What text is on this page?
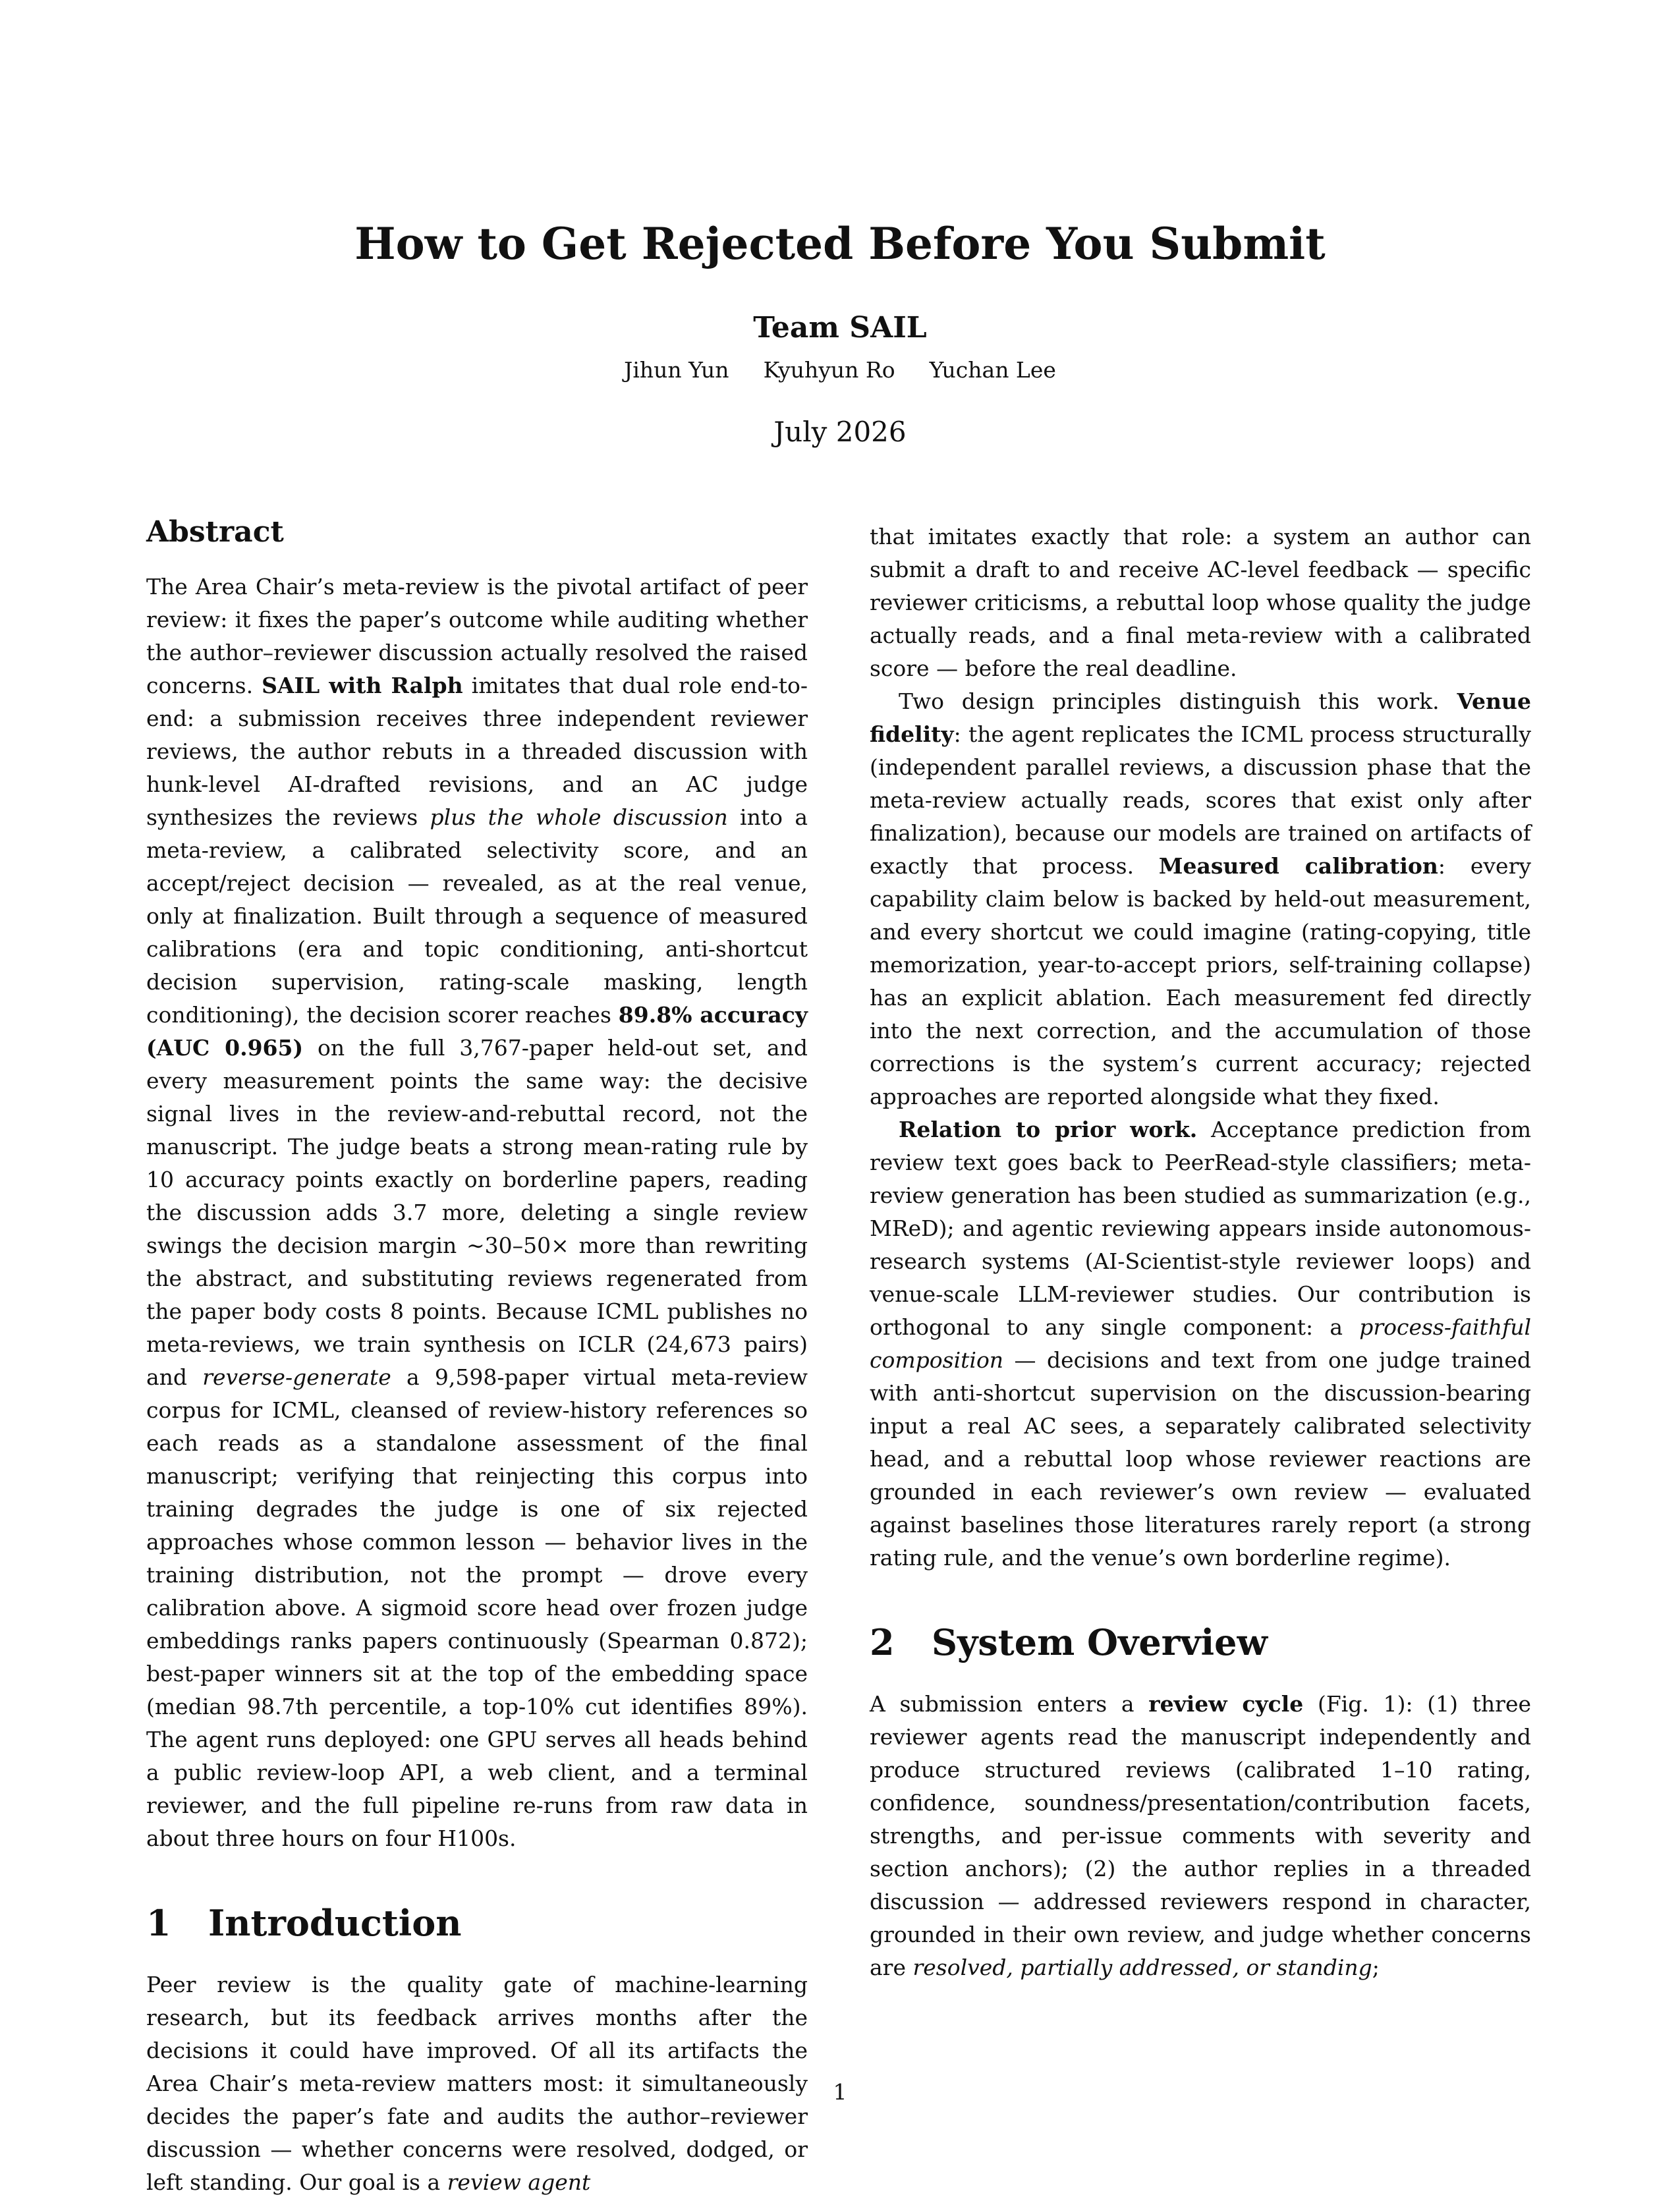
How to Get Rejected Before You Submit
Team SAIL
Jihun Yun Kyuhyun Ro Yuchan Lee
July 2026
Abstract

The Area Chair’s meta-review is the pivotal artifact of peer review: it fixes the paper’s outcome while auditing whether the author–reviewer discussion actually resolved the raised concerns. SAIL with Ralph imitates that dual role end-to-end: a submission receives three independent reviewer reviews, the author rebuts in a threaded discussion with hunk-level AI-drafted revisions, and an AC judge synthesizes the reviews plus the whole discussion into a meta-review, a calibrated selectivity score, and an accept/reject decision — revealed, as at the real venue, only at finalization. Built through a sequence of measured calibrations (era and topic conditioning, anti-shortcut decision supervision, rating-scale masking, length conditioning), the decision scorer reaches 89.8% accuracy (AUC 0.965) on the full 3,767-paper held-out set, and every measurement points the same way: the decisive signal lives in the review-and-rebuttal record, not the manuscript. The judge beats a strong mean-rating rule by 10 accuracy points exactly on borderline papers, reading the discussion adds 3.7 more, deleting a single review swings the decision margin ∼30–50× more than rewriting the abstract, and substituting reviews regenerated from the paper body costs 8 points. Because ICML publishes no meta-reviews, we train synthesis on ICLR (24,673 pairs) and reverse-generate a 9,598-paper virtual meta-review corpus for ICML, cleansed of review-history references so each reads as a standalone assessment of the final manuscript; verifying that reinjecting this corpus into training degrades the judge is one of six rejected approaches whose common lesson — behavior lives in the training distribution, not the prompt — drove every calibration above. A sigmoid score head over frozen judge embeddings ranks papers continuously (Spearman 0.872); best-paper winners sit at the top of the embedding space (median 98.7th percentile, a top-10% cut identifies 89%). The agent runs deployed: one GPU serves all heads behind a public review-loop API, a web client, and a terminal reviewer, and the full pipeline re-runs from raw data in about three hours on four H100s.

1 Introduction

Peer review is the quality gate of machine-learning research, but its feedback arrives months after the decisions it could have improved. Of all its artifacts the Area Chair’s meta-review matters most: it simultaneously decides the paper’s fate and audits the author–reviewer discussion — whether concerns were resolved, dodged, or left standing. Our goal is a review agent

that imitates exactly that role: a system an author can submit a draft to and receive AC-level feedback — specific reviewer criticisms, a rebuttal loop whose quality the judge actually reads, and a final meta-review with a calibrated score — before the real deadline.

Two design principles distinguish this work. Venue fidelity: the agent replicates the ICML process structurally (independent parallel reviews, a discussion phase that the meta-review actually reads, scores that exist only after finalization), because our models are trained on artifacts of exactly that process. Measured calibration: every capability claim below is backed by held-out measurement, and every shortcut we could imagine (rating-copying, title memorization, year-to-accept priors, self-training collapse) has an explicit ablation. Each measurement fed directly into the next correction, and the accumulation of those corrections is the system’s current accuracy; rejected approaches are reported alongside what they fixed.

Relation to prior work. Acceptance prediction from review text goes back to PeerRead-style classifiers; meta-review generation has been studied as summarization (e.g., MReD); and agentic reviewing appears inside autonomous-research systems (AI-Scientist-style reviewer loops) and venue-scale LLM-reviewer studies. Our contribution is orthogonal to any single component: a process-faithful composition — decisions and text from one judge trained with anti-shortcut supervision on the discussion-bearing input a real AC sees, a separately calibrated selectivity head, and a rebuttal loop whose reviewer reactions are grounded in each reviewer’s own review — evaluated against baselines those literatures rarely report (a strong rating rule, and the venue’s own borderline regime).

2 System Overview

A submission enters a review cycle (Fig. 1): (1) three reviewer agents read the manuscript independently and produce structured reviews (calibrated 1–10 rating, confidence, soundness/presentation/contribution facets, strengths, and per-issue comments with severity and section anchors); (2) the author replies in a threaded discussion — addressed reviewers respond in character, grounded in their own review, and judge whether concerns are resolved, partially addressed, or standing;

1
